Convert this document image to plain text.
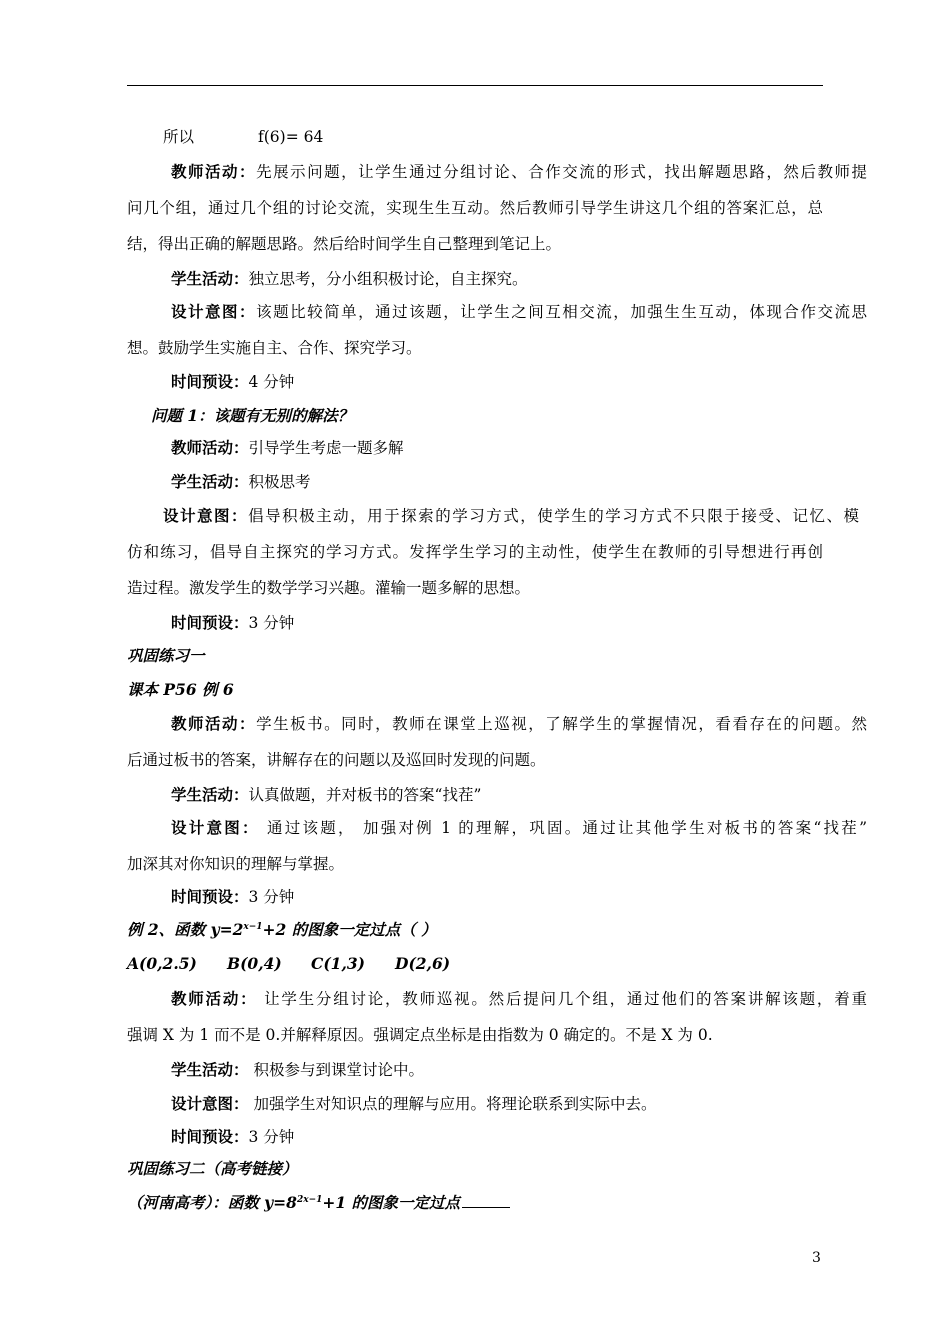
所以	f(6)= 64
教师活动：先展示问题，让学生通过分组讨论、合作交流的形式，找出解题思路，然后教师提
问几个组，通过几个组的讨论交流，实现生生互动。然后教师引导学生讲这几个组的答案汇总，总
结，得出正确的解题思路。然后给时间学生自己整理到笔记上。
学生活动：独立思考，分小组积极讨论，自主探究。
设计意图：该题比较简单，通过该题，让学生之间互相交流，加强生生互动，体现合作交流思
想。鼓励学生实施自主、合作、探究学习。
时间预设：4 分钟
问题 1：该题有无别的解法？
教师活动：引导学生考虑一题多解
学生活动：积极思考
设计意图：倡导积极主动，用于探索的学习方式，使学生的学习方式不只限于接受、记忆、模
仿和练习，倡导自主探究的学习方式。发挥学生学习的主动性，使学生在教师的引导想进行再创
造过程。激发学生的数学学习兴趣。灌输一题多解的思想。
时间预设：3 分钟
巩固练习一
课本 P56 例 6
教师活动：学生板书。同时，教师在课堂上巡视，了解学生的掌握情况，看看存在的问题。然
后通过板书的答案，讲解存在的问题以及巡回时发现的问题。
学生活动：认真做题，并对板书的答案“找茬”
设计意图： 通过该题， 加强对例 1 的理解，巩固。通过让其他学生对板书的答案“找茬”
加深其对你知识的理解与掌握。
时间预设：3 分钟
例 2、函数 $y=2^{x-1}+2$ 的图象一定过点（ ）
A(0,2.5) B(0,4) C(1,3) D(2,6)
教师活动： 让学生分组讨论，教师巡视。然后提问几个组，通过他们的答案讲解该题，着重
强调 X 为 1 而不是 0.并解释原因。强调定点坐标是由指数为 0 确定的。不是 X 为 0.
学生活动： 积极参与到课堂讨论中。
设计意图： 加强学生对知识点的理解与应用。将理论联系到实际中去。
时间预设：3 分钟
巩固练习二（高考链接）
（河南高考）：函数 $y=8^{2x-1}+1$ 的图象一定过点
3
